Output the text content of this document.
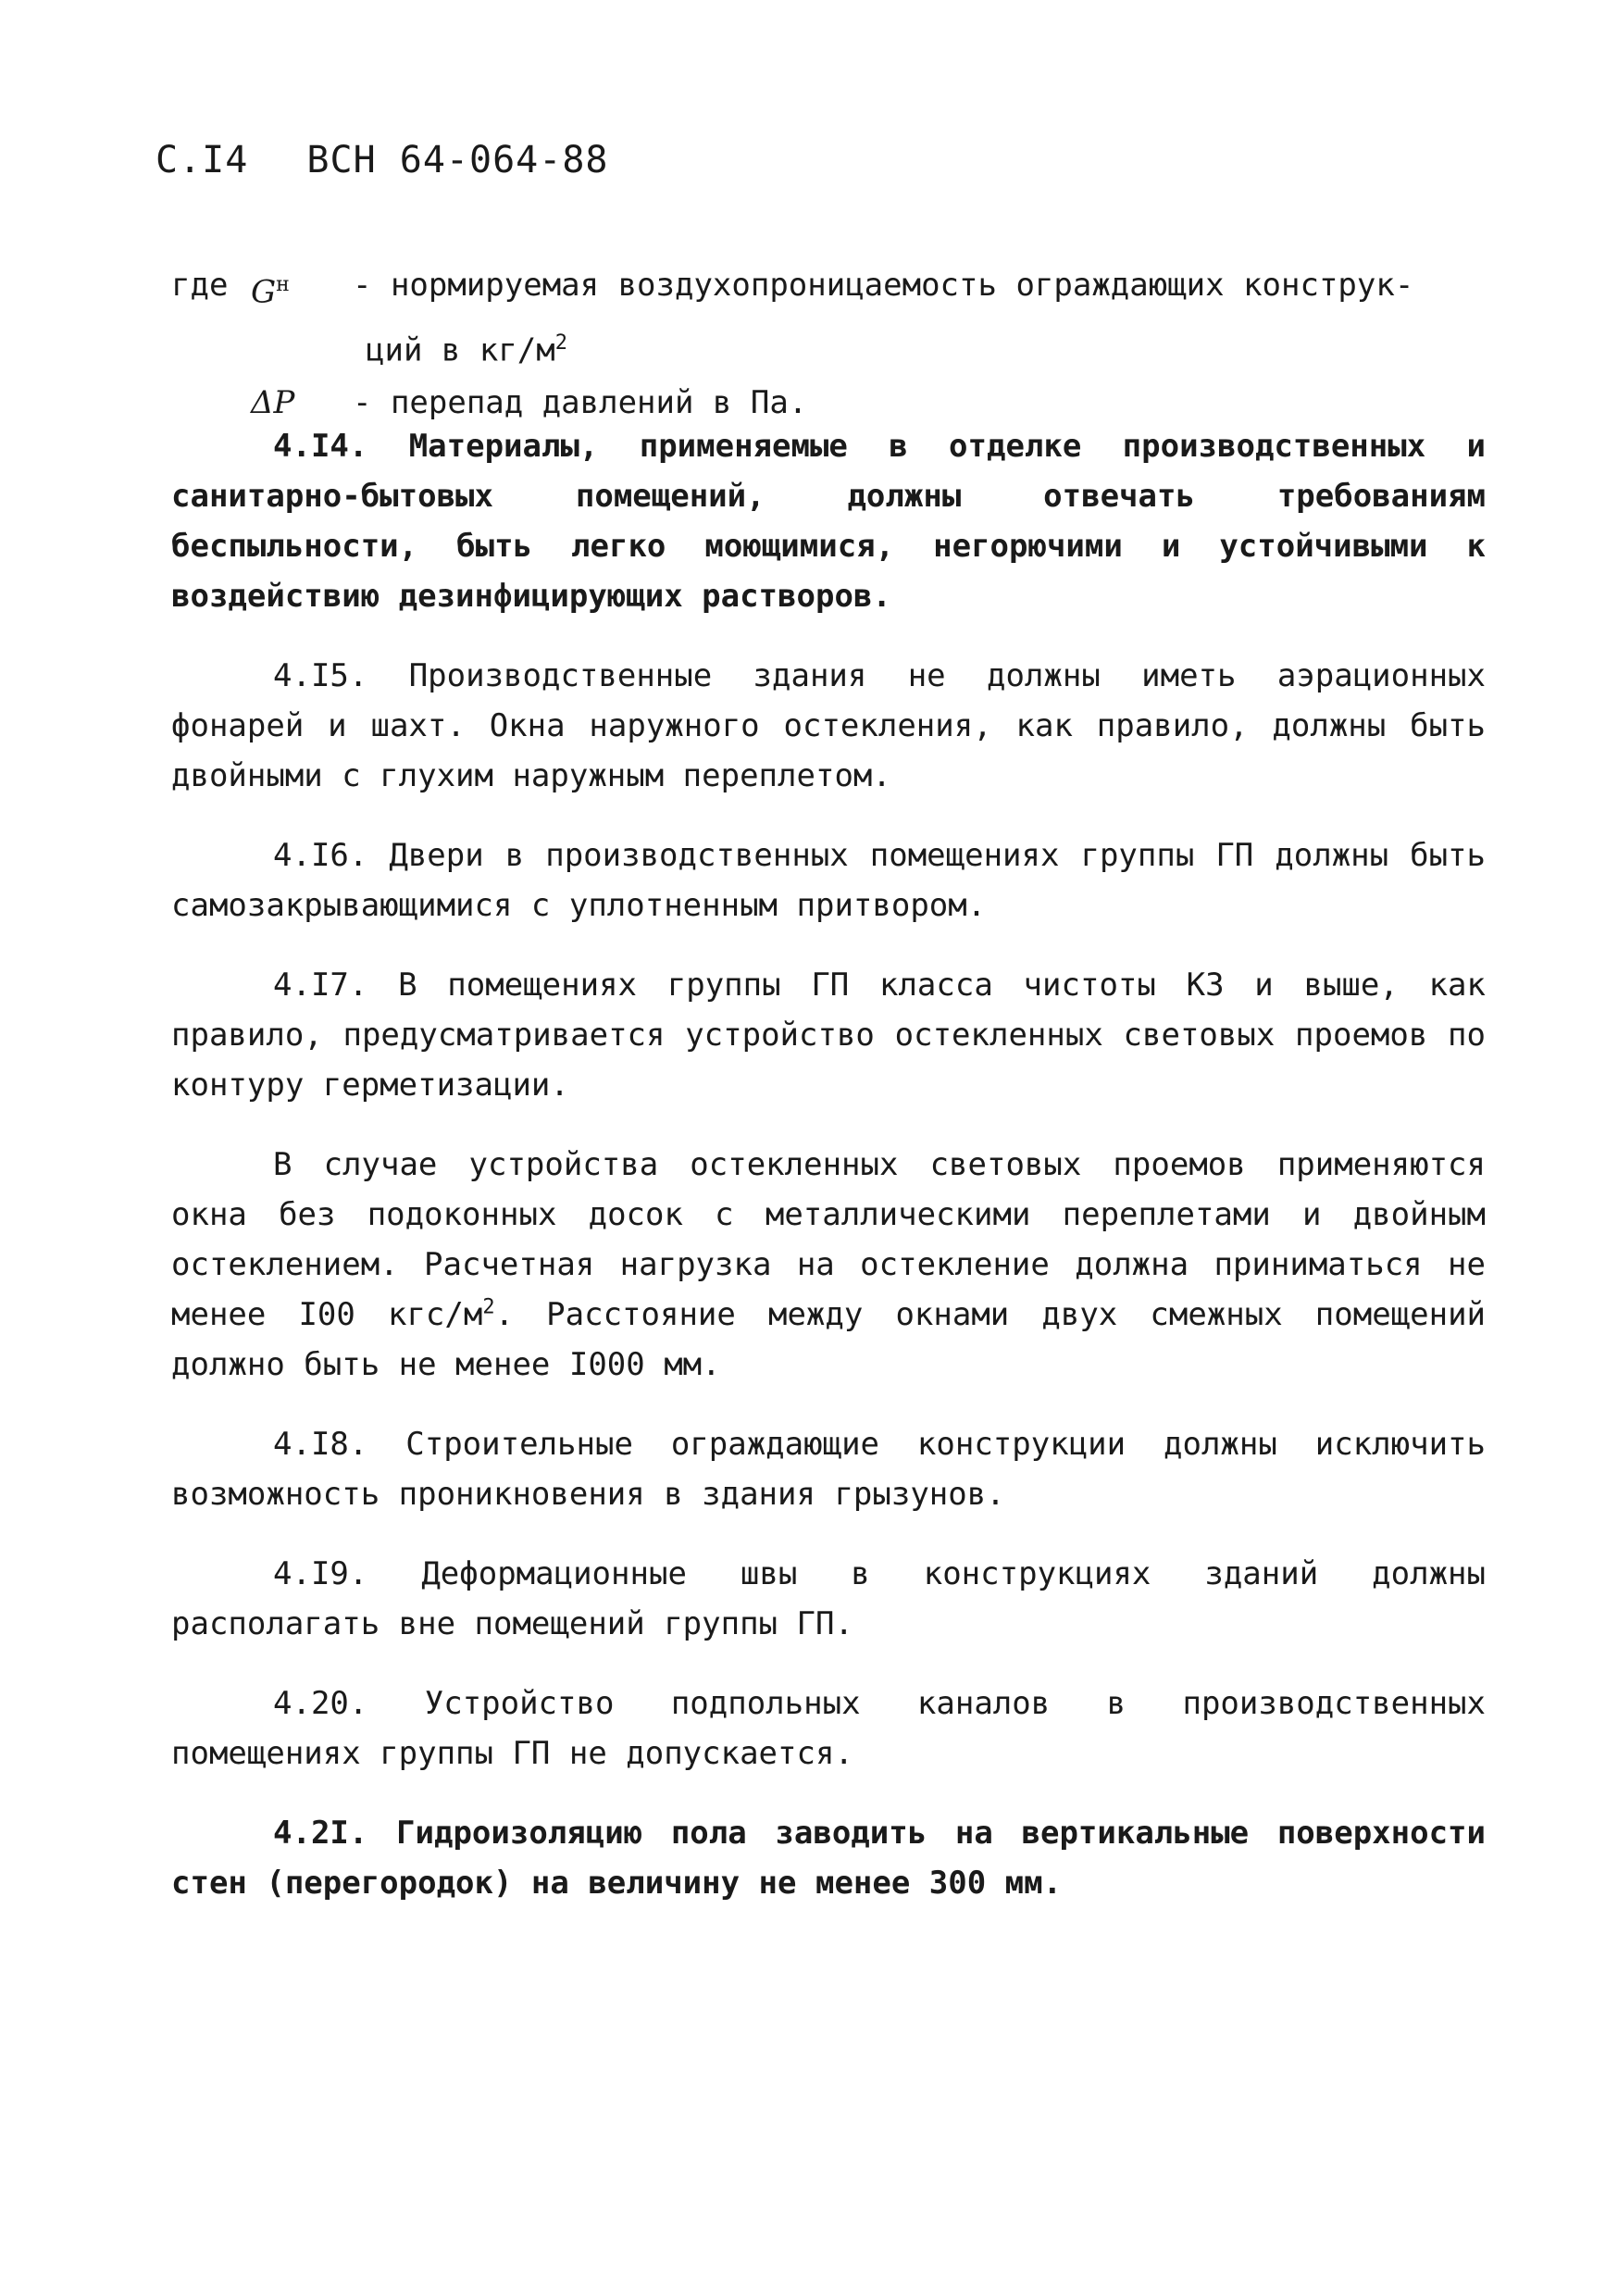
С.I4 ВСН 64-064-88
где $G^н$	- нормируемая воздухопроницаемость ограждающих конструк-
ций в $кг/м^2$
ΔP	- перепад давлений в Па.

4.I4. Материалы, применяемые в отделке производственных и санитарно-бытовых помещений, должны отвечать требованиям беспыльности, быть легко моющимися, негорючими и устойчивыми к воздействию дезинфицирующих растворов.

4.I5. Производственные здания не должны иметь аэрационных фонарей и шахт. Окна наружного остекления, как правило, должны быть двойными с глухим наружным переплетом.

4.I6. Двери в производственных помещениях группы ГП должны быть самозакрывающимися с уплотненным притвором.

4.I7. В помещениях группы ГП класса чистоты К3 и выше, как правило, предусматривается устройство остекленных световых проемов по контуру герметизации.

В случае устройства остекленных световых проемов применяются окна без подоконных досок с металлическими переплетами и двойным остеклением. Расчетная нагрузка на остекление должна приниматься не менее I00 кгс/$м^2$. Расстояние между окнами двух смежных помещений должно быть не менее I000 мм.

4.I8. Строительные ограждающие конструкции должны исключить возможность проникновения в здания грызунов.

4.I9. Деформационные швы в конструкциях зданий должны располагать вне помещений группы ГП.

4.20. Устройство подпольных каналов в производственных помещениях группы ГП не допускается.

4.2I. Гидроизоляцию пола заводить на вертикальные поверхности стен (перегородок) на величину не менее 300 мм.
